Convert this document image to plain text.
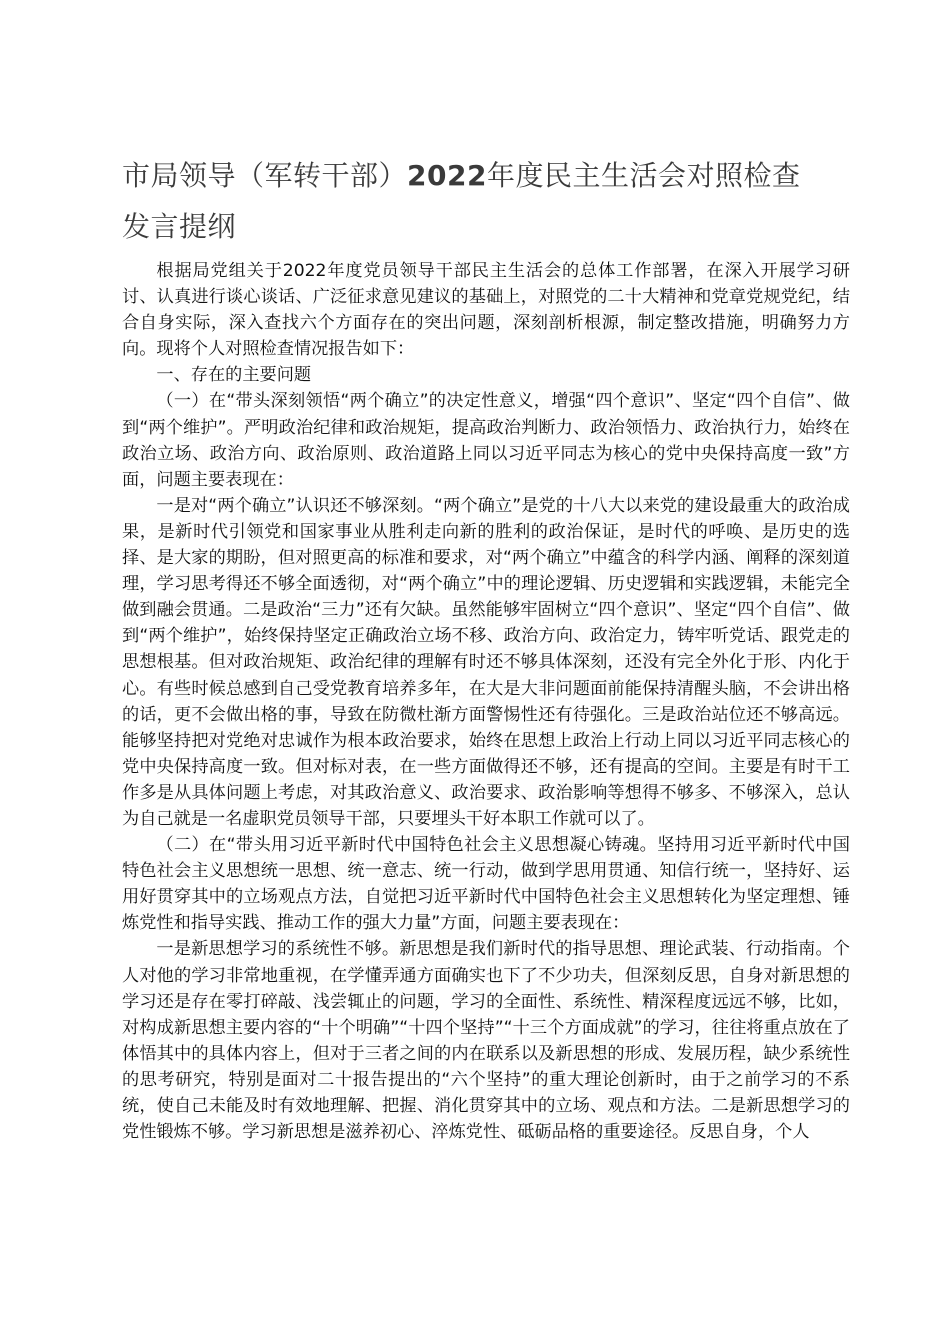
市局领导（军转干部）2022年度民主生活会对照检查
发言提纲

根据局党组关于2022年度党员领导干部民主生活会的总体工作部署，在深入开展学习研讨、认真进行谈心谈话、广泛征求意见建议的基础上，对照党的二十大精神和党章党规党纪，结合自身实际，深入查找六个方面存在的突出问题，深刻剖析根源，制定整改措施，明确努力方向。现将个人对照检查情况报告如下：

一、存在的主要问题

（一）在“带头深刻领悟“两个确立”的决定性意义，增强“四个意识”、坚定“四个自信”、做到“两个维护”。严明政治纪律和政治规矩，提高政治判断力、政治领悟力、政治执行力，始终在政治立场、政治方向、政治原则、政治道路上同以习近平同志为核心的党中央保持高度一致”方面，问题主要表现在：

一是对“两个确立”认识还不够深刻。“两个确立”是党的十八大以来党的建设最重大的政治成果，是新时代引领党和国家事业从胜利走向新的胜利的政治保证，是时代的呼唤、是历史的选择、是大家的期盼，但对照更高的标准和要求，对“两个确立”中蕴含的科学内涵、阐释的深刻道理，学习思考得还不够全面透彻，对“两个确立”中的理论逻辑、历史逻辑和实践逻辑，未能完全做到融会贯通。二是政治“三力”还有欠缺。虽然能够牢固树立“四个意识”、坚定“四个自信”、做到“两个维护”，始终保持坚定正确政治立场不移、政治方向、政治定力，铸牢听党话、跟党走的思想根基。但对政治规矩、政治纪律的理解有时还不够具体深刻，还没有完全外化于形、内化于心。有些时候总感到自己受党教育培养多年，在大是大非问题面前能保持清醒头脑，不会讲出格的话，更不会做出格的事，导致在防微杜渐方面警惕性还有待强化。三是政治站位还不够高远。能够坚持把对党绝对忠诚作为根本政治要求，始终在思想上政治上行动上同以习近平同志核心的党中央保持高度一致。但对标对表，在一些方面做得还不够，还有提高的空间。主要是有时干工作多是从具体问题上考虑，对其政治意义、政治要求、政治影响等想得不够多、不够深入，总认为自己就是一名虚职党员领导干部，只要埋头干好本职工作就可以了。

（二）在“带头用习近平新时代中国特色社会主义思想凝心铸魂。坚持用习近平新时代中国特色社会主义思想统一思想、统一意志、统一行动，做到学思用贯通、知信行统一，坚持好、运用好贯穿其中的立场观点方法，自觉把习近平新时代中国特色社会主义思想转化为坚定理想、锤炼党性和指导实践、推动工作的强大力量”方面，问题主要表现在：

一是新思想学习的系统性不够。新思想是我们新时代的指导思想、理论武装、行动指南。个人对他的学习非常地重视，在学懂弄通方面确实也下了不少功夫，但深刻反思，自身对新思想的学习还是存在零打碎敲、浅尝辄止的问题，学习的全面性、系统性、精深程度远远不够，比如，对构成新思想主要内容的“十个明确”“十四个坚持”“十三个方面成就”的学习，往往将重点放在了体悟其中的具体内容上，但对于三者之间的内在联系以及新思想的形成、发展历程，缺少系统性的思考研究，特别是面对二十报告提出的“六个坚持”的重大理论创新时，由于之前学习的不系统，使自己未能及时有效地理解、把握、消化贯穿其中的立场、观点和方法。二是新思想学习的党性锻炼不够。学习新思想是滋养初心、淬炼党性、砥砺品格的重要途径。反思自身，个人
